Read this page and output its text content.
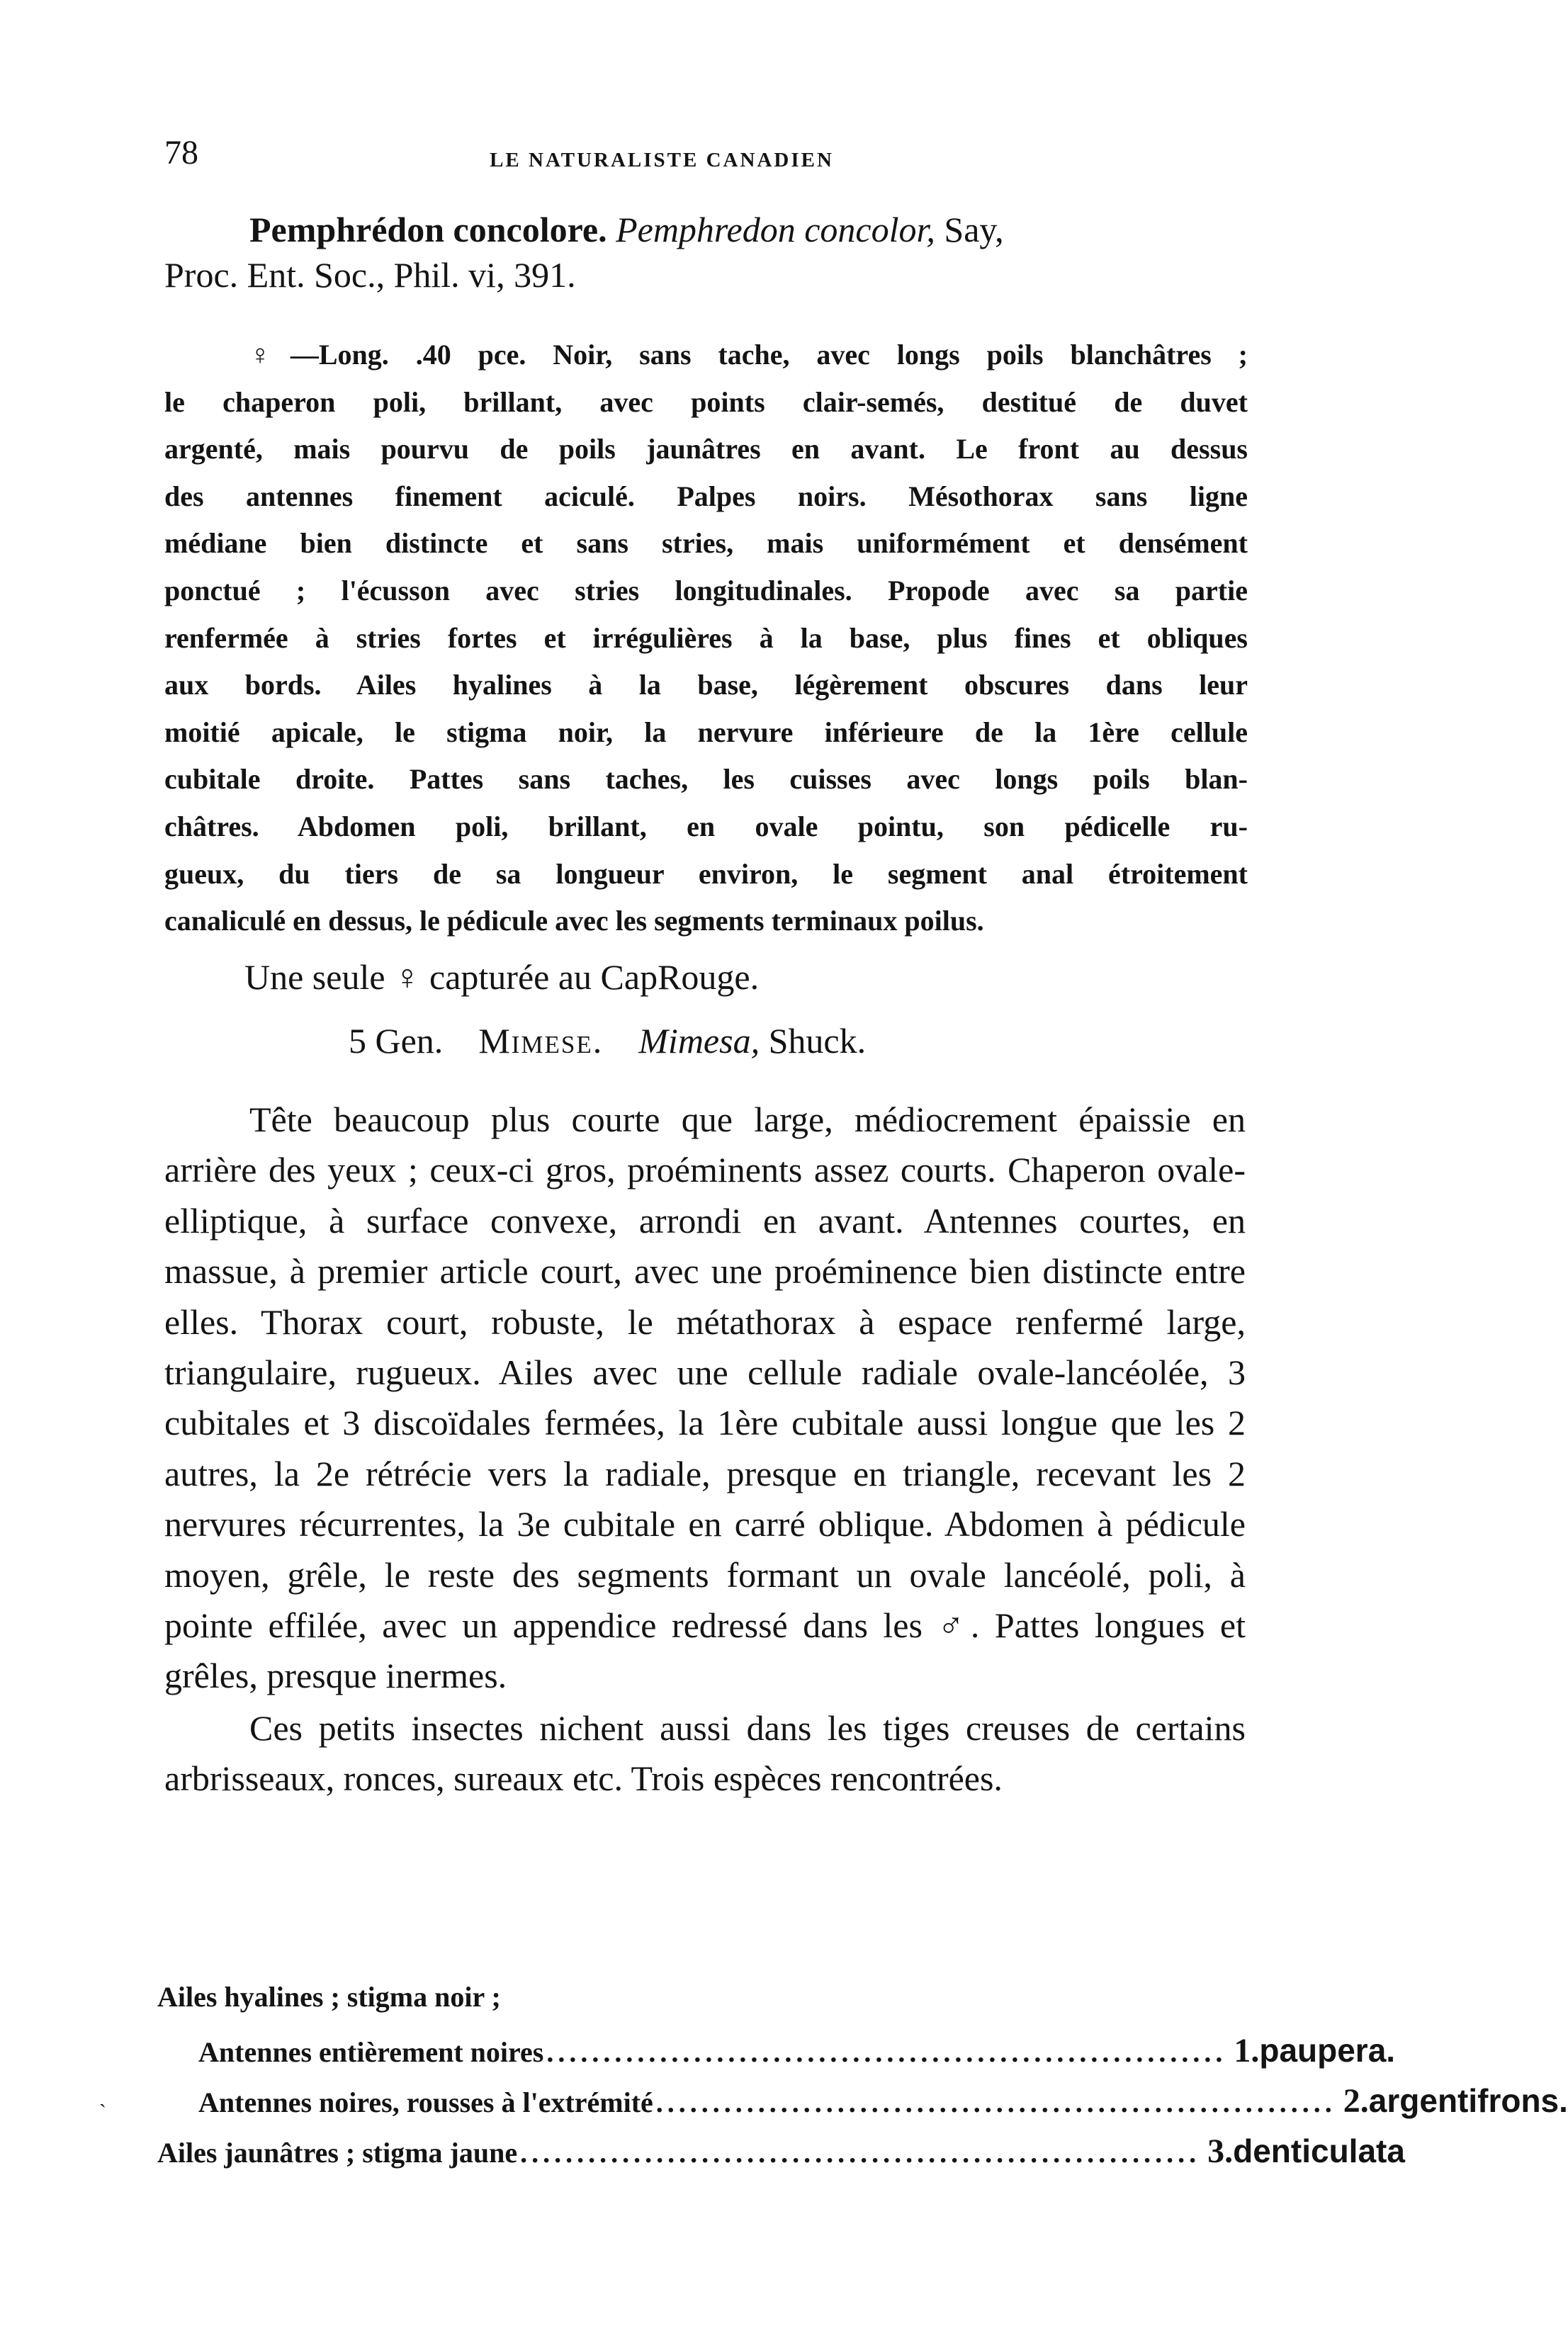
78	LE NATURALISTE CANADIEN
Pemphrédon concolore. Pemphredon concolor, Say,
Proc. Ent. Soc., Phil. vi, 391.
♀—Long. .40 pce. Noir, sans tache, avec longs poils blanchâtres ;
le chaperon poli, brillant, avec points clair-semés, destitué de duvet
argenté, mais pourvu de poils jaunâtres en avant. Le front au dessus
des antennes finement aciculé. Palpes noirs. Mésothorax sans ligne
médiane bien distincte et sans stries, mais uniformément et densément
ponctué ; l'écusson avec stries longitudinales. Propode avec sa partie
renfermée à stries fortes et irrégulières à la base, plus fines et obliques
aux bords. Ailes hyalines à la base, légèrement obscures dans leur
moitié apicale, le stigma noir, la nervure inférieure de la 1ère cellule
cubitale droite. Pattes sans taches, les cuisses avec longs poils blan-
châtres. Abdomen poli, brillant, en ovale pointu, son pédicelle ru-
gueux, du tiers de sa longueur environ, le segment anal étroitement
canaliculé en dessus, le pédicule avec les segments terminaux poilus.
Une seule ♀ capturée au CapRouge.
5 Gen. Mimese. Mimesa, Shuck.

Tête beaucoup plus courte que large, médiocrement épaissie en arrière des yeux ; ceux-ci gros, proéminents assez courts. Chaperon ovale-elliptique, à surface convexe, arrondi en avant. Antennes courtes, en massue, à premier article court, avec une proéminence bien distincte entre elles. Thorax court, robuste, le métathorax à espace renfermé large, triangulaire, rugueux. Ailes avec une cellule radiale ovale-lancéolée, 3 cubitales et 3 discoïdales fermées, la 1ère cubitale aussi longue que les 2 autres, la 2e rétrécie vers la radiale, presque en triangle, recevant les 2 nervures récurrentes, la 3e cubitale en carré oblique. Abdomen à pédicule moyen, grêle, le reste des segments formant un ovale lancéolé, poli, à pointe effilée, avec un appendice redressé dans les ♂. Pattes longues et grêles, presque inermes.

Ces petits insectes nichent aussi dans les tiges creuses de certains arbrisseaux, ronces, sureaux etc. Trois espèces rencontrées.

ˏ
Ailes hyalines ; stigma noir ;
Antennes entièrement noires ............................................................ 1. paupera.
Antennes noires, rousses à l'extrémité ............................................................ 2. argentifrons.
Ailes jaunâtres ; stigma jaune ............................................................ 3. denticulata
